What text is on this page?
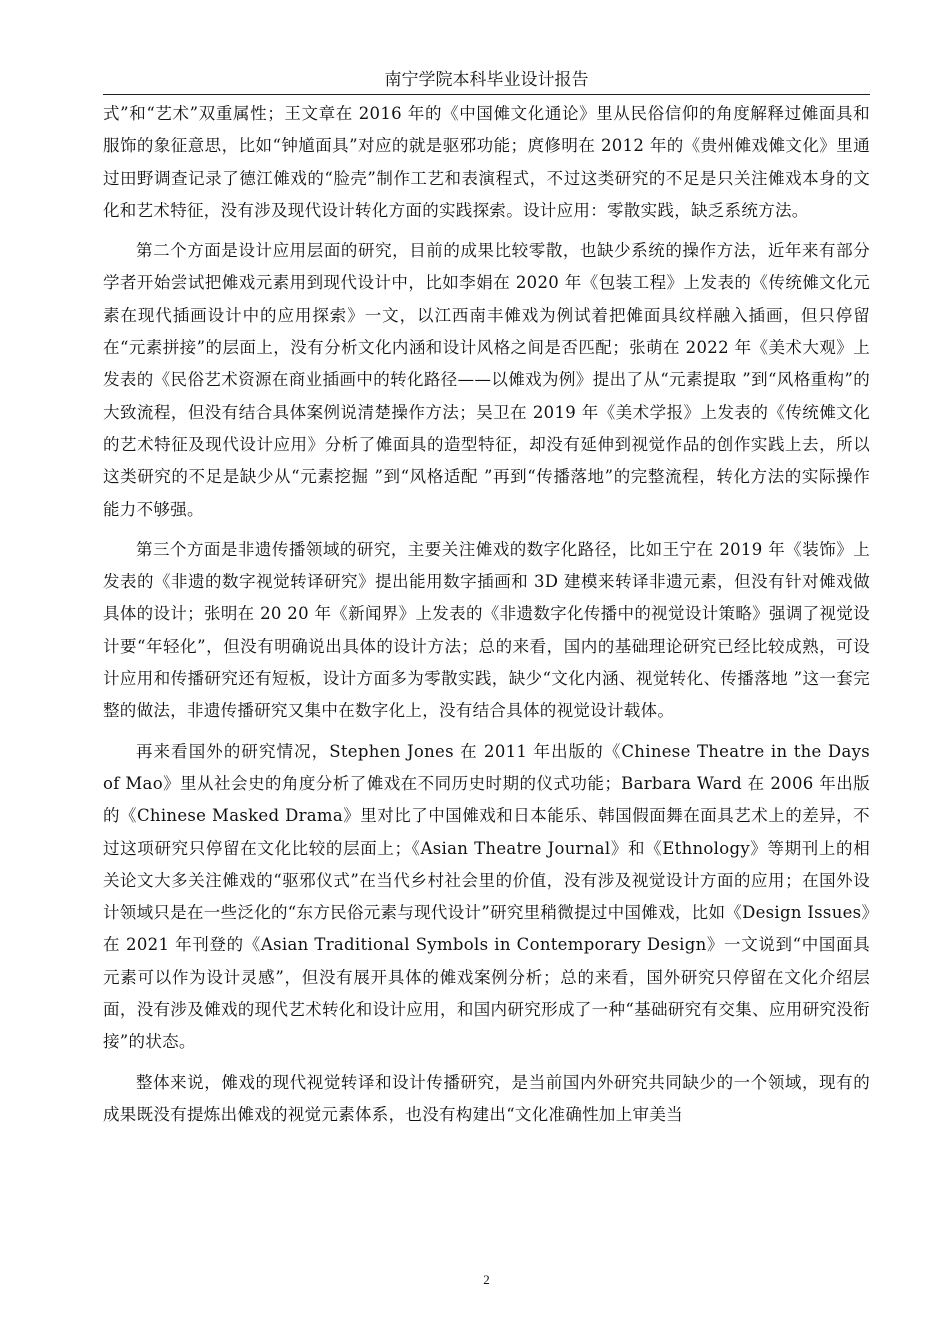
南宁学院本科毕业设计报告

式”和“艺术”双重属性；王文章在 2016 年的《中国傩文化通论》里从民俗信仰的角度解释过傩面具和服饰的象征意思，比如“钟馗面具”对应的就是驱邪功能；庹修明在 2012 年的《贵州傩戏傩文化》里通过田野调查记录了德江傩戏的“脸壳”制作工艺和表演程式，不过这类研究的不足是只关注傩戏本身的文化和艺术特征，没有涉及现代设计转化方面的实践探索。设计应用：零散实践，缺乏系统方法。

第二个方面是设计应用层面的研究，目前的成果比较零散，也缺少系统的操作方法，近年来有部分学者开始尝试把傩戏元素用到现代设计中，比如李娟在 2020 年《包装工程》上发表的《传统傩文化元素在现代插画设计中的应用探索》一文，以江西南丰傩戏为例试着把傩面具纹样融入插画，但只停留在“元素拼接”的层面上，没有分析文化内涵和设计风格之间是否匹配；张萌在 2022 年《美术大观》上发表的《民俗艺术资源在商业插画中的转化路径——以傩戏为例》提出了从“元素提取 ”到“风格重构”的大致流程，但没有结合具体案例说清楚操作方法；吴卫在 2019 年《美术学报》上发表的《传统傩文化的艺术特征及现代设计应用》分析了傩面具的造型特征，却没有延伸到视觉作品的创作实践上去，所以这类研究的不足是缺少从“元素挖掘 ”到“风格适配 ”再到“传播落地”的完整流程，转化方法的实际操作能力不够强。

第三个方面是非遗传播领域的研究，主要关注傩戏的数字化路径，比如王宁在 2019 年《装饰》上发表的《非遗的数字视觉转译研究》提出能用数字插画和 3D 建模来转译非遗元素，但没有针对傩戏做具体的设计；张明在 20 20 年《新闻界》上发表的《非遗数字化传播中的视觉设计策略》强调了视觉设计要“年轻化”，但没有明确说出具体的设计方法；总的来看，国内的基础理论研究已经比较成熟，可设计应用和传播研究还有短板，设计方面多为零散实践，缺少“文化内涵、视觉转化、传播落地 ”这一套完整的做法，非遗传播研究又集中在数字化上，没有结合具体的视觉设计载体。

再来看国外的研究情况，Stephen Jones 在 2011 年出版的《Chinese Theatre in the Days of Mao》里从社会史的角度分析了傩戏在不同历史时期的仪式功能；Barbara Ward 在 2006 年出版的《Chinese Masked Drama》里对比了中国傩戏和日本能乐、韩国假面舞在面具艺术上的差异，不过这项研究只停留在文化比较的层面上；《Asian Theatre Journal》和《Ethnology》等期刊上的相关论文大多关注傩戏的“驱邪仪式”在当代乡村社会里的价值，没有涉及视觉设计方面的应用；在国外设计领域只是在一些泛化的“东方民俗元素与现代设计”研究里稍微提过中国傩戏，比如《Design Issues》在 2021 年刊登的《Asian Traditional Symbols in Contemporary Design》一文说到“中国面具元素可以作为设计灵感”，但没有展开具体的傩戏案例分析；总的来看，国外研究只停留在文化介绍层面，没有涉及傩戏的现代艺术转化和设计应用，和国内研究形成了一种“基础研究有交集、应用研究没衔接”的状态。

整体来说，傩戏的现代视觉转译和设计传播研究，是当前国内外研究共同缺少的一个领域，现有的成果既没有提炼出傩戏的视觉元素体系，也没有构建出“文化准确性加上审美当

2
